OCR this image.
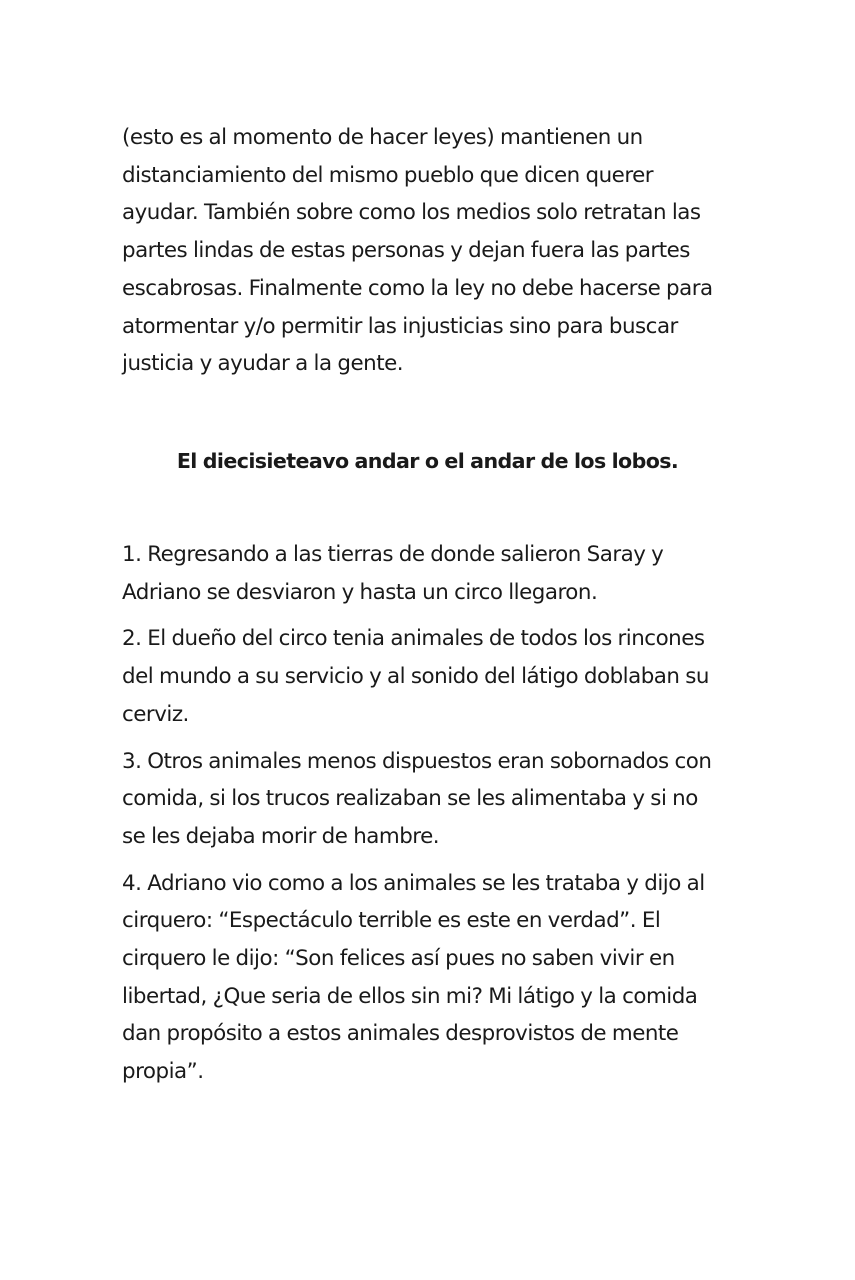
(esto es al momento de hacer leyes) mantienen un
distanciamiento del mismo pueblo que dicen querer
ayudar. También sobre como los medios solo retratan las
partes lindas de estas personas y dejan fuera las partes
escabrosas. Finalmente como la ley no debe hacerse para
atormentar y/o permitir las injusticias sino para buscar
justicia y ayudar a la gente.
El diecisieteavo andar o el andar de los lobos.
1. Regresando a las tierras de donde salieron Saray y
Adriano se desviaron y hasta un circo llegaron.
2. El dueño del circo tenia animales de todos los rincones
del mundo a su servicio y al sonido del látigo doblaban su
cerviz.
3. Otros animales menos dispuestos eran sobornados con
comida, si los trucos realizaban se les alimentaba y si no
se les dejaba morir de hambre.
4. Adriano vio como a los animales se les trataba y dijo al
cirquero: “Espectáculo terrible es este en verdad”. El
cirquero le dijo: “Son felices así pues no saben vivir en
libertad, ¿Que seria de ellos sin mi? Mi látigo y la comida
dan propósito a estos animales desprovistos de mente
propia”.
